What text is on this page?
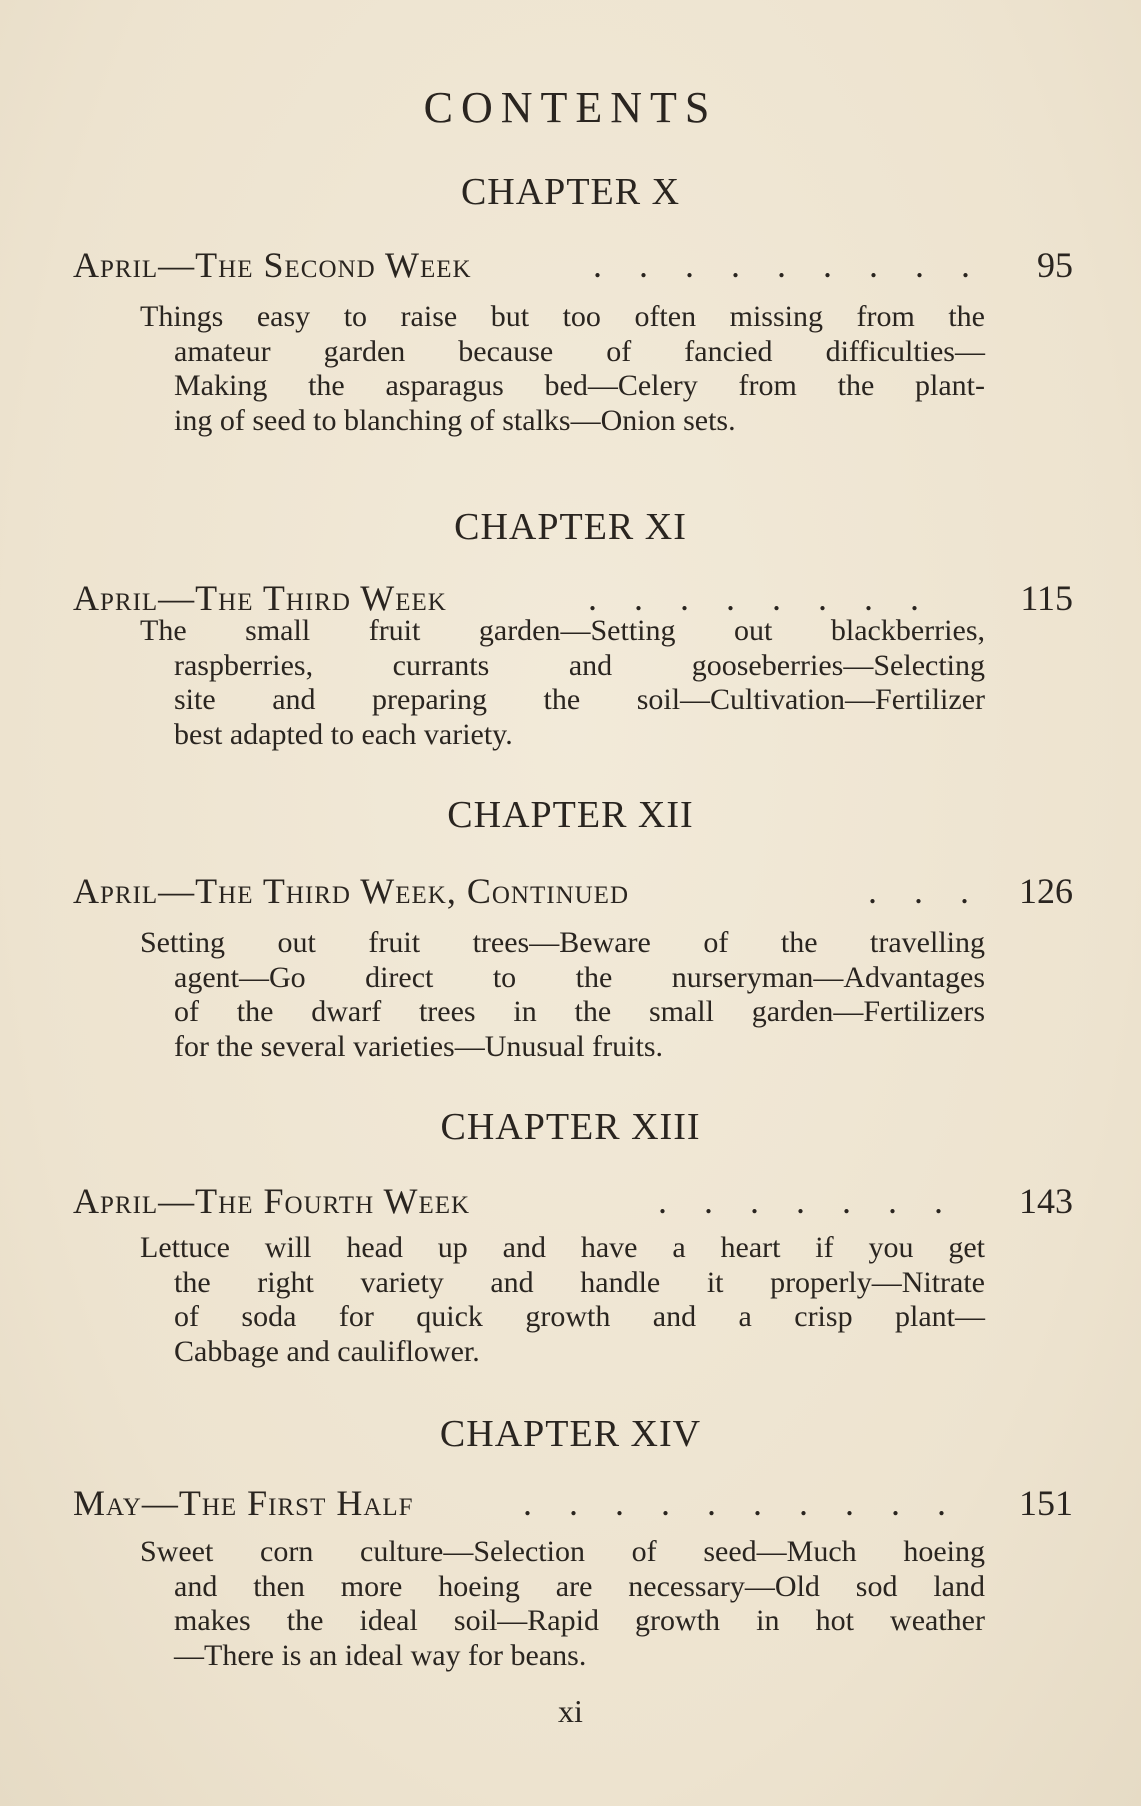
CONTENTS
CHAPTER X
April—The Second Week	. . . . . . . . . 95
Things easy to raise but too often missing from the
amateur garden because of fancied difficulties—
Making the asparagus bed—Celery from the plant-
ing of seed to blanching of stalks—Onion sets.
CHAPTER XI
April—The Third Week	. . . . . . . . 115
The small fruit garden—Setting out blackberries,
raspberries, currants and gooseberries—Selecting
site and preparing the soil—Cultivation—Fertilizer
best adapted to each variety.
CHAPTER XII
April—The Third Week, Continued	. . . 126
Setting out fruit trees—Beware of the travelling
agent—Go direct to the nurseryman—Advantages
of the dwarf trees in the small garden—Fertilizers
for the several varieties—Unusual fruits.
CHAPTER XIII
April—The Fourth Week	. . . . . . . 143
Lettuce will head up and have a heart if you get
the right variety and handle it properly—Nitrate
of soda for quick growth and a crisp plant—
Cabbage and cauliflower.
CHAPTER XIV
May—The First Half	. . . . . . . . . . 151
Sweet corn culture—Selection of seed—Much hoeing
and then more hoeing are necessary—Old sod land
makes the ideal soil—Rapid growth in hot weather
—There is an ideal way for beans.
xi
